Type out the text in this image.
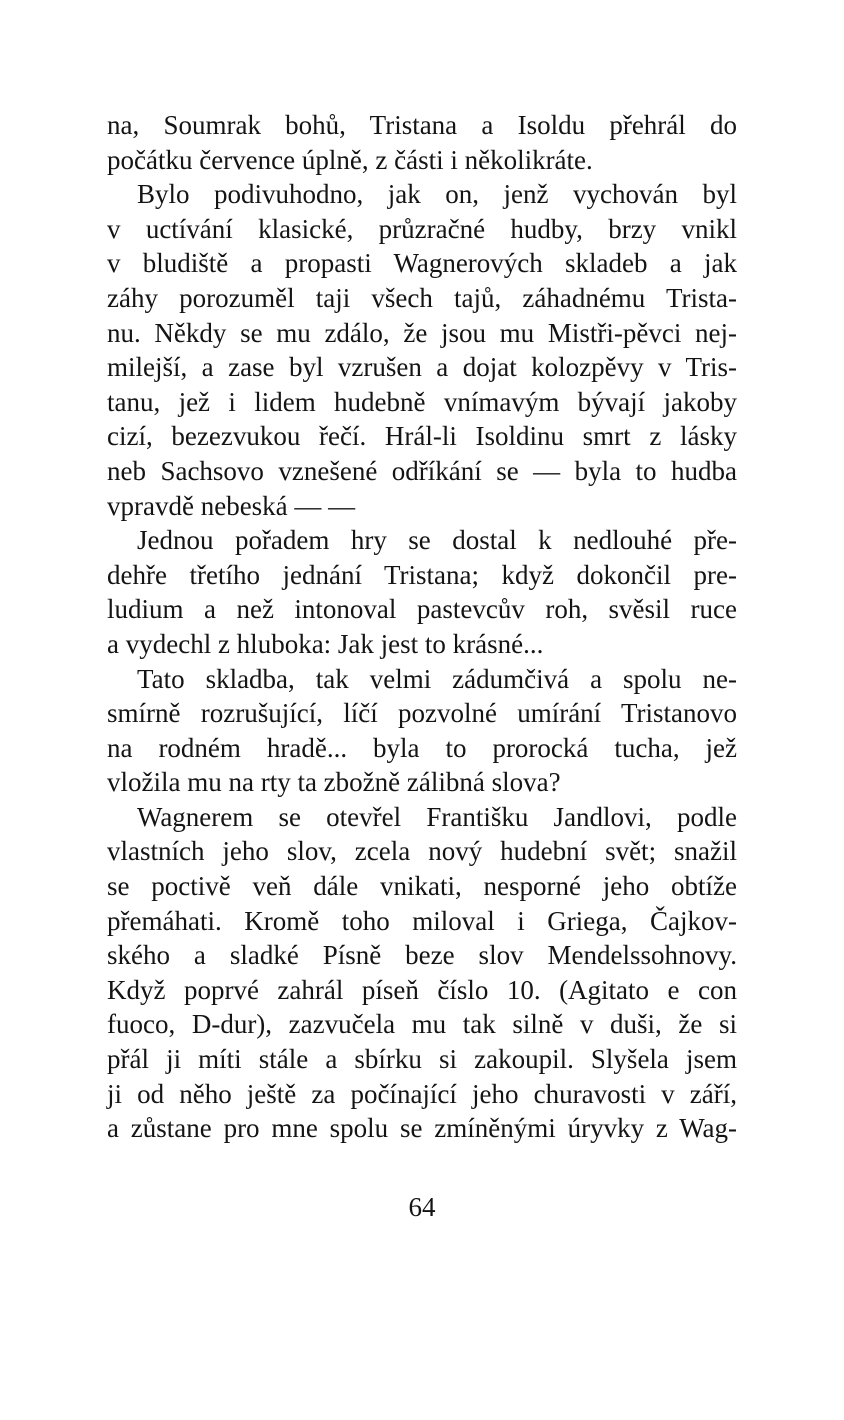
na, Soumrak bohů, Tristana a Isoldu přehrál do
počátku července úplně, z části i několikráte.
Bylo podivuhodno, jak on, jenž vychován byl
v uctívání klasické, průzračné hudby, brzy vnikl
v bludiště a propasti Wagnerových skladeb a jak
záhy porozuměl taji všech tajů, záhadnému Trista-
nu. Někdy se mu zdálo, že jsou mu Mistři-pěvci nej-
milejší, a zase byl vzrušen a dojat kolozpěvy v Tris-
tanu, jež i lidem hudebně vnímavým bývají jakoby
cizí, bezezvukou řečí. Hrál-li Isoldinu smrt z lásky
neb Sachsovo vznešené odříkání se — byla to hudba
vpravdě nebeská — —
Jednou pořadem hry se dostal k nedlouhé pře-
dehře třetího jednání Tristana; když dokončil pre-
ludium a než intonoval pastevcův roh, svěsil ruce
a vydechl z hluboka: Jak jest to krásné...
Tato skladba, tak velmi zádumčivá a spolu ne-
smírně rozrušující, líčí pozvolné umírání Tristanovo
na rodném hradě... byla to prorocká tucha, jež
vložila mu na rty ta zbožně zálibná slova?
Wagnerem se otevřel Františku Jandlovi, podle
vlastních jeho slov, zcela nový hudební svět; snažil
se poctivě veň dále vnikati, nesporné jeho obtíže
přemáhati. Kromě toho miloval i Griega, Čajkov-
ského a sladké Písně beze slov Mendelssohnovy.
Když poprvé zahrál píseň číslo 10. (Agitato e con
fuoco, D-dur), zazvučela mu tak silně v duši, že si
přál ji míti stále a sbírku si zakoupil. Slyšela jsem
ji od něho ještě za počínající jeho churavosti v září,
a zůstane pro mne spolu se zmíněnými úryvky z Wag-
64
